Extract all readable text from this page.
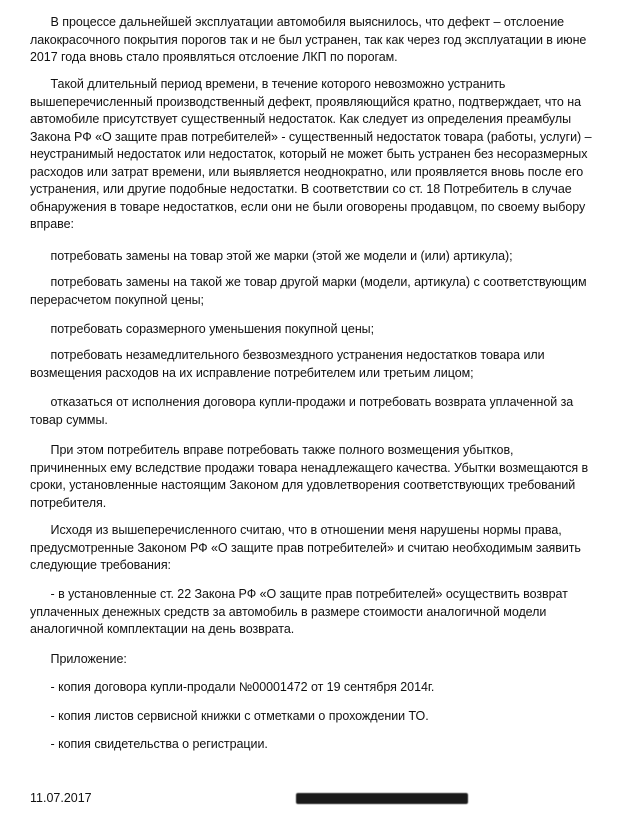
В процессе дальнейшей эксплуатации автомобиля выяснилось, что дефект – отслоение
лакокрасочного покрытия порогов так и не был устранен, так как через год эксплуатации в июне
2017 года вновь стало проявляться отслоение ЛКП по порогам.
Такой длительный период времени, в течение которого невозможно устранить
вышеперечисленный производственный дефект, проявляющийся кратно, подтверждает, что на
автомобиле присутствует существенный недостаток. Как следует из определения преамбулы
Закона РФ «О защите прав потребителей» - существенный недостаток товара (работы, услуги) –
неустранимый недостаток или недостаток, который не может быть устранен без несоразмерных
расходов или затрат времени, или выявляется неоднократно, или проявляется вновь после его
устранения, или другие подобные недостатки. В соответствии со ст. 18 Потребитель в случае
обнаружения в товаре недостатков, если они не были оговорены продавцом, по своему выбору
вправе:
потребовать замены на товар этой же марки (этой же модели и (или) артикула);
потребовать замены на такой же товар другой марки (модели, артикула) с соответствующим
перерасчетом покупной цены;
потребовать соразмерного уменьшения покупной цены;
потребовать незамедлительного безвозмездного устранения недостатков товара или
возмещения расходов на их исправление потребителем или третьим лицом;
отказаться от исполнения договора купли-продажи и потребовать возврата уплаченной за
товар суммы.
При этом потребитель вправе потребовать также полного возмещения убытков,
причиненных ему вследствие продажи товара ненадлежащего качества. Убытки возмещаются в
сроки, установленные настоящим Законом для удовлетворения соответствующих требований
потребителя.
Исходя из вышеперечисленного считаю, что в отношении меня нарушены нормы права,
предусмотренные Законом РФ «О защите прав потребителей» и считаю необходимым заявить
следующие требования:
- в установленные ст. 22 Закона РФ «О защите прав потребителей» осуществить возврат
уплаченных денежных средств за автомобиль в размере стоимости аналогичной модели
аналогичной комплектации на день возврата.
Приложение:
- копия договора купли-продали №00001472 от 19 сентября 2014г.
- копия листов сервисной книжки с отметками о прохождении ТО.
- копия свидетельства о регистрации.
11.07.2017
